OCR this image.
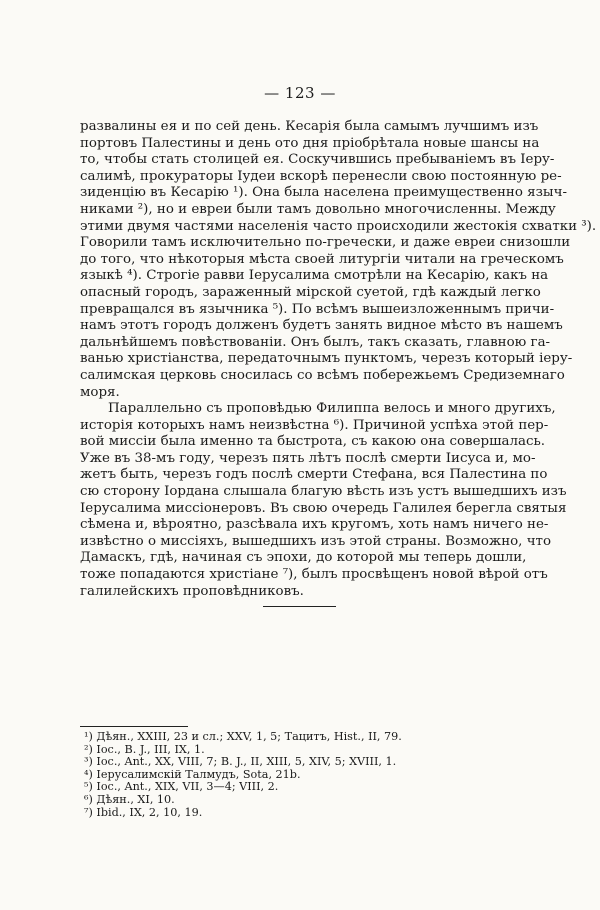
— 123 —
развалины ея и по сей день. Кесарія была самымъ лучшимъ изъ
портовъ Палестины и день ото дня пріобрѣтала новые шансы на
то, чтобы стать столицей ея. Соскучившись пребываніемъ въ Іеру-
салимѣ, прокураторы Іудеи вскорѣ перенесли свою постоянную ре-
зиденцію въ Кесарію ¹). Она была населена преимущественно языч-
никами ²), но и евреи были тамъ довольно многочисленны. Между
этими двумя частями населенія часто происходили жестокія схватки ³).
Говорили тамъ исключительно по-гречески, и даже евреи снизошли
до того, что нѣкоторыя мѣста своей литургіи читали на греческомъ
языкѣ ⁴). Строгіе равви Іерусалима смотрѣли на Кесарію, какъ на
опасный городъ, зараженный мірской суетой, гдѣ каждый легко
превращался въ язычника ⁵). По всѣмъ вышеизложеннымъ причи-
намъ этотъ городъ долженъ будетъ занять видное мѣсто въ нашемъ
дальнѣйшемъ повѣствованіи. Онъ былъ, такъ сказать, главною га-
ванью христіанства, передаточнымъ пунктомъ, черезъ который іеру-
салимская церковь сносилась со всѣмъ побережьемъ Средиземнаго
моря.
Параллельно съ проповѣдью Филиппа велось и много другихъ,
исторія которыхъ намъ неизвѣстна ⁶). Причиной успѣха этой пер-
вой миссіи была именно та быстрота, съ какою она совершалась.
Уже въ 38-мъ году, черезъ пять лѣтъ послѣ смерти Іисуса и, мо-
жетъ быть, черезъ годъ послѣ смерти Стефана, вся Палестина по
сю сторону Іордана слышала благую вѣсть изъ устъ вышедшихъ изъ
Іерусалима миссіонеровъ. Въ свою очередь Галилея берегла святыя
сѣмена и, вѣроятно, разсѣвала ихъ кругомъ, хоть намъ ничего не-
извѣстно о миссіяхъ, вышедшихъ изъ этой страны. Возможно, что
Дамаскъ, гдѣ, начиная съ эпохи, до которой мы теперь дошли,
тоже попадаются христiане ⁷), былъ просвѣщенъ новой вѣрой отъ
галилейскихъ проповѣдниковъ.
¹) Дѣян., XXIII, 23 и сл.; XXV, 1, 5; Тацитъ, Hist., II, 79.
²) Іос., B. J., III, IX, 1.
³) Іос., Ant., XX, VIII, 7; B. J., II, XIII, 5, XIV, 5; XVIII, 1.
⁴) Іерусалимскій Талмудъ, Sota, 21b.
⁵) Іос., Ant., XIX, VII, 3—4; VIII, 2.
⁶) Дѣян., XI, 10.
⁷) Ibid., IX, 2, 10, 19.
